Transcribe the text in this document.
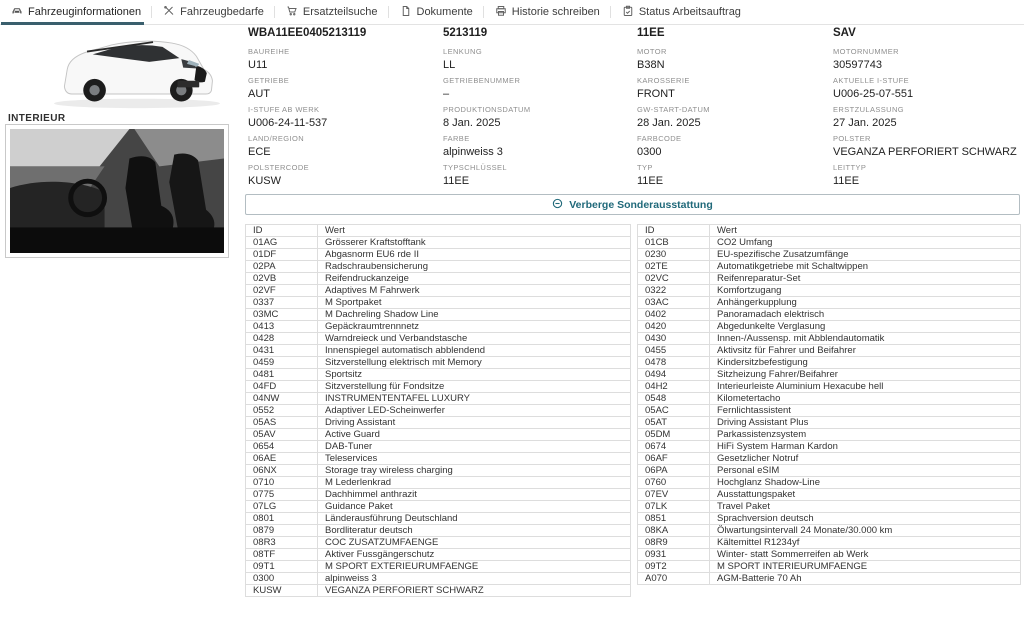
Fahrzeuginformationen	Fahrzeugbedarfe	Ersatzteilsuche	Dokumente	Historie schreiben	Status Arbeitsauftrag
INTERIEUR
WBA11EE0405213119	5213119	11EE	SAV
BAUREIHE
U11
LENKUNG
LL
MOTOR
B38N
MOTORNUMMER
30597743
GETRIEBE
AUT
GETRIEBENUMMER
–
KAROSSERIE
FRONT
AKTUELLE I-STUFE
U006-25-07-551
I-STUFE AB WERK
U006-24-11-537
PRODUKTIONSDATUM
8 Jan. 2025
GW-START-DATUM
28 Jan. 2025
ERSTZULASSUNG
27 Jan. 2025
LAND/REGION
ECE
FARBE
alpinweiss 3
FARBCODE
0300
POLSTER
VEGANZA PERFORIERT SCHWARZ
POLSTERCODE
KUSW
TYPSCHLÜSSEL
11EE
TYP
11EE
LEITTYP
11EE
Verberge Sonderausstattung
ID	Wert
01AG	Grösserer Kraftstofftank
01DF	Abgasnorm EU6 rde II
02PA	Radschraubensicherung
02VB	Reifendruckanzeige
02VF	Adaptives M Fahrwerk
0337	M Sportpaket
03MC	M Dachreling Shadow Line
0413	Gepäckraumtrennnetz
0428	Warndreieck und Verbandstasche
0431	Innenspiegel automatisch abblendend
0459	Sitzverstellung elektrisch mit Memory
0481	Sportsitz
04FD	Sitzverstellung für Fondsitze
04NW	INSTRUMENTENTAFEL LUXURY
0552	Adaptiver LED-Scheinwerfer
05AS	Driving Assistant
05AV	Active Guard
0654	DAB-Tuner
06AE	Teleservices
06NX	Storage tray wireless charging
0710	M Lederlenkrad
0775	Dachhimmel anthrazit
07LG	Guidance Paket
0801	Länderausführung Deutschland
0879	Bordliteratur deutsch
08R3	COC ZUSATZUMFAENGE
08TF	Aktiver Fussgängerschutz
09T1	M SPORT EXTERIEURUMFAENGE
0300	alpinweiss 3
KUSW	VEGANZA PERFORIERT SCHWARZ
ID	Wert
01CB	CO2 Umfang
0230	EU-spezifische Zusatzumfänge
02TE	Automatikgetriebe mit Schaltwippen
02VC	Reifenreparatur-Set
0322	Komfortzugang
03AC	Anhängerkupplung
0402	Panoramadach elektrisch
0420	Abgedunkelte Verglasung
0430	Innen-/Aussensp. mit Abblendautomatik
0455	Aktivsitz für Fahrer und Beifahrer
0478	Kindersitzbefestigung
0494	Sitzheizung Fahrer/Beifahrer
04H2	Interieurleiste Aluminium Hexacube hell
0548	Kilometertacho
05AC	Fernlichtassistent
05AT	Driving Assistant Plus
05DM	Parkassistenzsystem
0674	HiFi System Harman Kardon
06AF	Gesetzlicher Notruf
06PA	Personal eSIM
0760	Hochglanz Shadow-Line
07EV	Ausstattungspaket
07LK	Travel Paket
0851	Sprachversion deutsch
08KA	Ölwartungsintervall 24 Monate/30.000 km
08R9	Kältemittel R1234yf
0931	Winter- statt Sommerreifen ab Werk
09T2	M SPORT INTERIEURUMFAENGE
A070	AGM-Batterie 70 Ah
